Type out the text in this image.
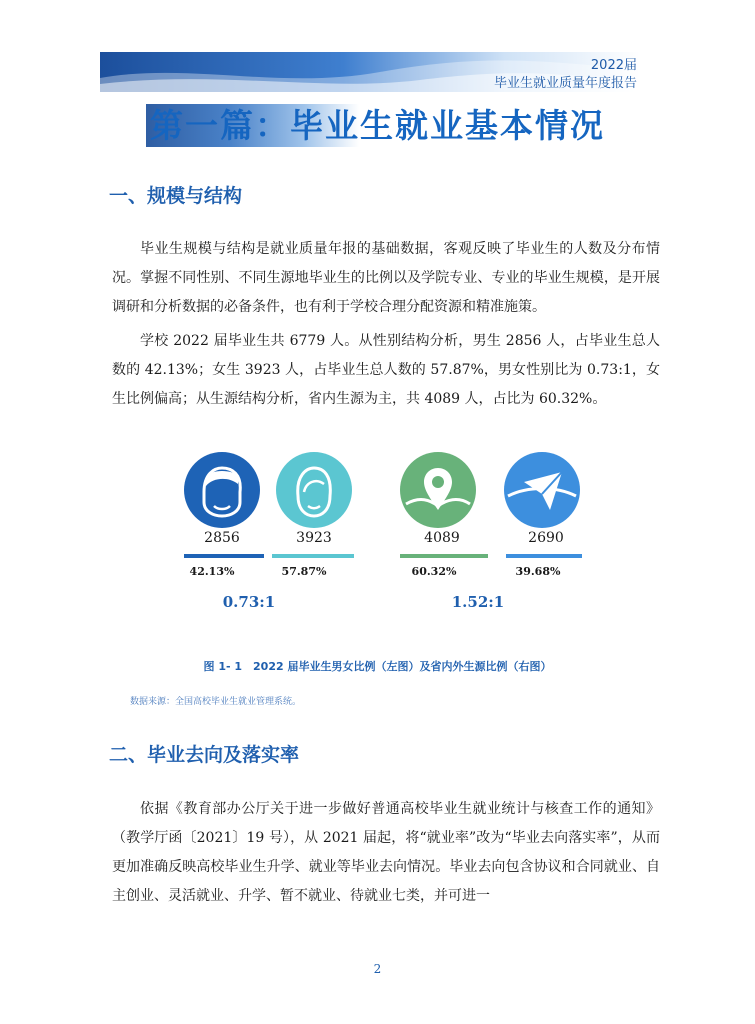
2022届
毕业生就业质量年度报告
第一篇：毕业生就业基本情况
一、规模与结构

毕业生规模与结构是就业质量年报的基础数据，客观反映了毕业生的人数及分布情况。掌握不同性别、不同生源地毕业生的比例以及学院专业、专业的毕业生规模，是开展调研和分析数据的必备条件，也有利于学校合理分配资源和精准施策。

学校 2022 届毕业生共 6779 人。从性别结构分析，男生 2856 人，占毕业生总人数的 42.13%；女生 3923 人，占毕业生总人数的 57.87%，男女性别比为 0.73:1，女生比例偏高；从生源结构分析，省内生源为主，共 4089 人，占比为 60.32%。

2856	3923
42.13%	57.87%
0.73:1
4089	2690
60.32%	39.68%
1.52:1
图 1- 1　2022 届毕业生男女比例（左图）及省内外生源比例（右图）
数据来源：全国高校毕业生就业管理系统。
二、毕业去向及落实率

依据《教育部办公厅关于进一步做好普通高校毕业生就业统计与核查工作的通知》（教学厅函〔2021〕19 号），从 2021 届起，将“就业率”改为“毕业去向落实率”，从而更加准确反映高校毕业生升学、就业等毕业去向情况。毕业去向包含协议和合同就业、自主创业、灵活就业、升学、暂不就业、待就业七类，并可进一

2
